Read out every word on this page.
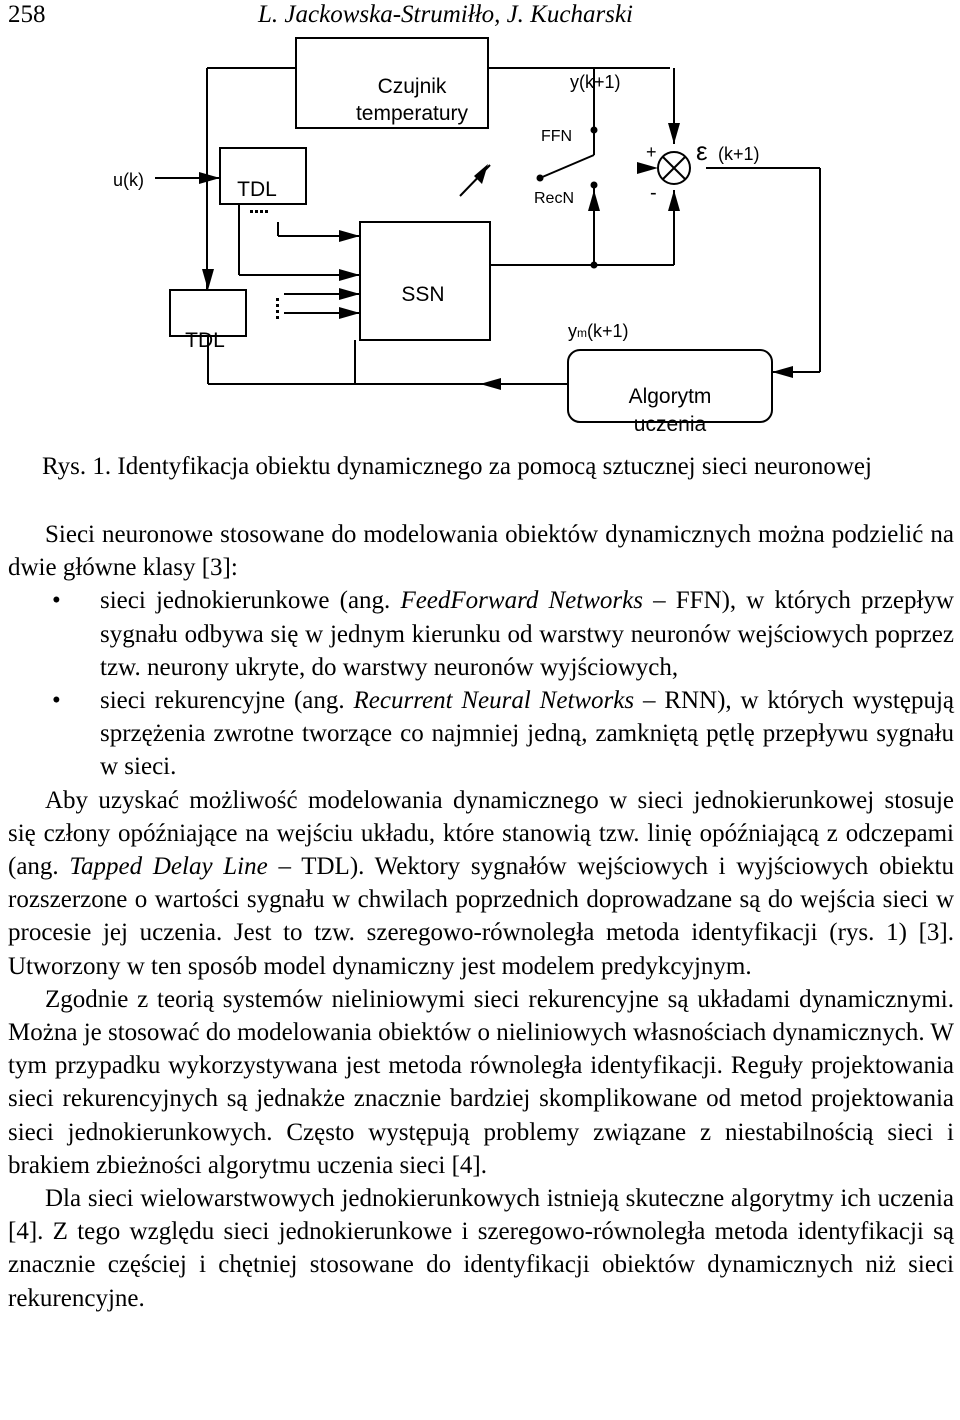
258	L. Jackowska-Strumiłło, J. Kucharski
Czujnik
temperatury
TDL
SSN
TDL
Algorytm
uczenia
u(k)
y(k+1)
FFN
RecN
+
-
ε (k+1)
ym(k+1)
Rys. 1. Identyfikacja obiektu dynamicznego za pomocą sztucznej sieci neuronowej

Sieci neuronowe stosowane do modelowania obiektów dynamicznych można podzielić na dwie główne klasy [3]:

• sieci jednokierunkowe (ang. FeedForward Networks – FFN), w których przepływ sygnału odbywa się w jednym kierunku od warstwy neuronów wejściowych poprzez tzw. neurony ukryte, do warstwy neuronów wyjściowych,
• sieci rekurencyjne (ang. Recurrent Neural Networks – RNN), w których występują sprzężenia zwrotne tworzące co najmniej jedną, zamkniętą pętlę przepływu sygnału w sieci.

Aby uzyskać możliwość modelowania dynamicznego w sieci jednokierunkowej stosuje się człony opóźniające na wejściu układu, które stanowią tzw. linię opóźniającą z odczepami (ang. Tapped Delay Line – TDL). Wektory sygnałów wejściowych i wyjściowych obiektu rozszerzone o wartości sygnału w chwilach poprzednich doprowadzane są do wejścia sieci w procesie jej uczenia. Jest to tzw. szeregowo-równoległa metoda identyfikacji (rys. 1) [3]. Utworzony w ten sposób model dynamiczny jest modelem predykcyjnym.

Zgodnie z teorią systemów nieliniowymi sieci rekurencyjne są układami dynamicznymi. Można je stosować do modelowania obiektów o nieliniowych własnościach dynamicznych. W tym przypadku wykorzystywana jest metoda równoległa identyfikacji. Reguły projektowania sieci rekurencyjnych są jednakże znacznie bardziej skomplikowane od metod projektowania sieci jednokierunkowych. Często występują problemy związane z niestabilnością sieci i brakiem zbieżności algorytmu uczenia sieci [4].

Dla sieci wielowarstwowych jednokierunkowych istnieją skuteczne algorytmy ich uczenia [4]. Z tego względu sieci jednokierunkowe i szeregowo-równoległa metoda identyfikacji są znacznie częściej i chętniej stosowane do identyfikacji obiektów dynamicznych niż sieci rekurencyjne.
